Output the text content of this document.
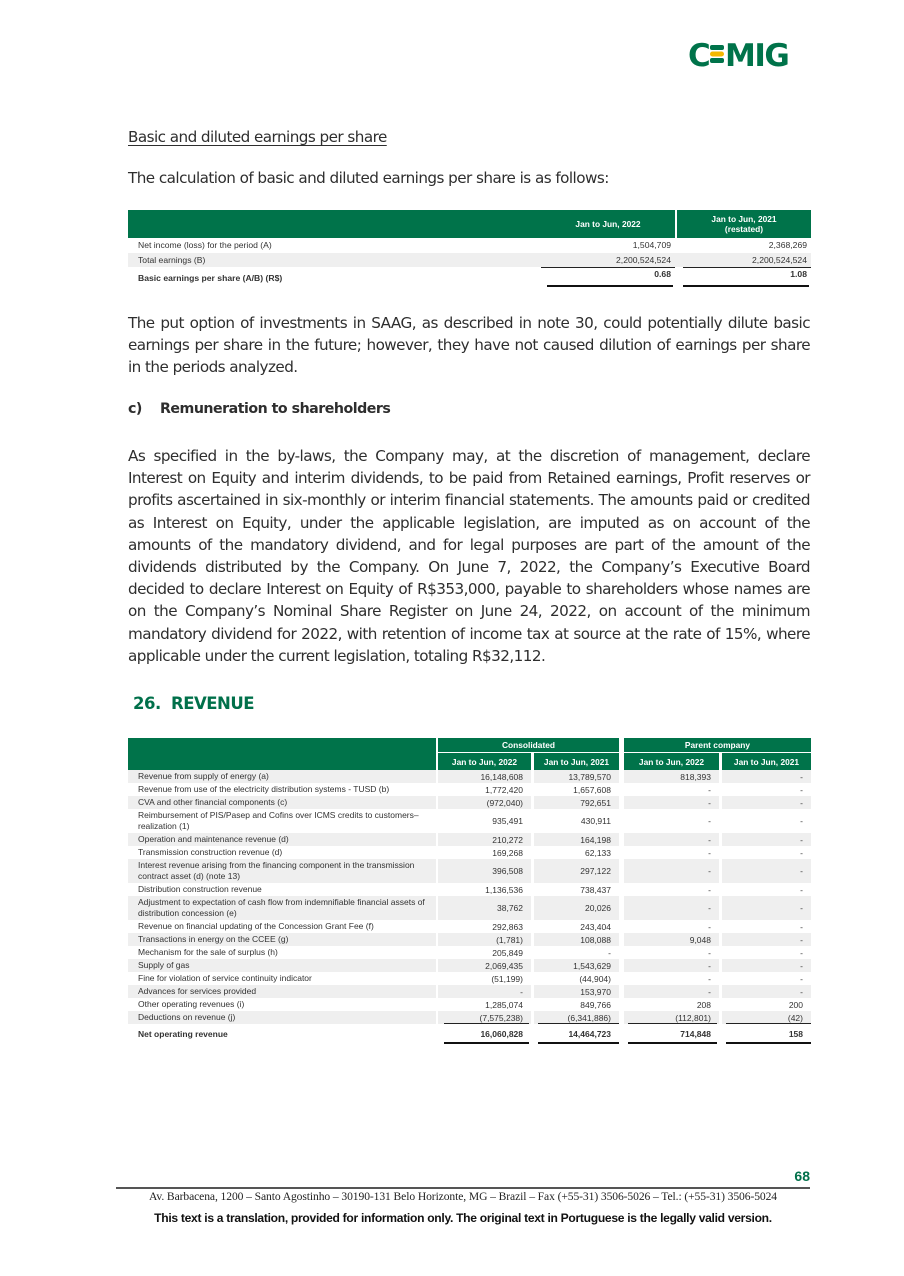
C MIG
Basic and diluted earnings per share
The calculation of basic and diluted earnings per share is as follows:
Jan to Jun, 2022	Jan to Jun, 2021
(restated)
Net income (loss) for the period (A)	1,504,709	2,368,269
Total earnings (B)	2,200,524,524	2,200,524,524
Basic earnings per share (A/B) (R$)	0.68	1.08
The put option of investments in SAAG, as described in note 30, could potentially dilute basic earnings per share in the future; however, they have not caused dilution of earnings per share in the periods analyzed.
c) Remuneration to shareholders
As specified in the by-laws, the Company may, at the discretion of management, declare Interest on Equity and interim dividends, to be paid from Retained earnings, Profit reserves or profits ascertained in six-monthly or interim financial statements. The amounts paid or credited as Interest on Equity, under the applicable legislation, are imputed as on account of the amounts of the mandatory dividend, and for legal purposes are part of the amount of the dividends distributed by the Company. On June 7, 2022, the Company’s Executive Board decided to declare Interest on Equity of R$353,000, payable to shareholders whose names are on the Company’s Nominal Share Register on June 24, 2022, on account of the minimum mandatory dividend for 2022, with retention of income tax at source at the rate of 15%, where applicable under the current legislation, totaling R$32,112.
26. REVENUE
Consolidated	Parent company
Jan to Jun, 2022	Jan to Jun, 2021	Jan to Jun, 2022	Jan to Jun, 2021
Revenue from supply of energy (a)	16,148,608	13,789,570	818,393	-
Revenue from use of the electricity distribution systems - TUSD (b)	1,772,420	1,657,608	-	-
CVA and other financial components (c)	(972,040)	792,651	-	-
Reimbursement of PIS/Pasep and Cofins over ICMS credits to customers– realization (1)	935,491	430,911	-	-
Operation and maintenance revenue (d)	210,272	164,198	-	-
Transmission construction revenue (d)	169,268	62,133	-	-
Interest revenue arising from the financing component in the transmission contract asset (d) (note 13)	396,508	297,122	-	-
Distribution construction revenue	1,136,536	738,437	-	-
Adjustment to expectation of cash flow from indemnifiable financial assets of distribution concession (e)	38,762	20,026	-	-
Revenue on financial updating of the Concession Grant Fee (f)	292,863	243,404	-	-
Transactions in energy on the CCEE (g)	(1,781)	108,088	9,048	-
Mechanism for the sale of surplus (h)	205,849	-	-	-
Supply of gas	2,069,435	1,543,629	-	-
Fine for violation of service continuity indicator	(51,199)	(44,904)	-	-
Advances for services provided	-	153,970	-	-
Other operating revenues (i)	1,285,074	849,766	208	200
Deductions on revenue (j)	(7,575,238)	(6,341,886)	(112,801)	(42)
Net operating revenue	16,060,828	14,464,723	714,848	158
68
Av. Barbacena, 1200 – Santo Agostinho – 30190-131 Belo Horizonte, MG – Brazil – Fax (+55-31) 3506-5026 – Tel.: (+55-31) 3506-5024
This text is a translation, provided for information only. The original text in Portuguese is the legally valid version.
